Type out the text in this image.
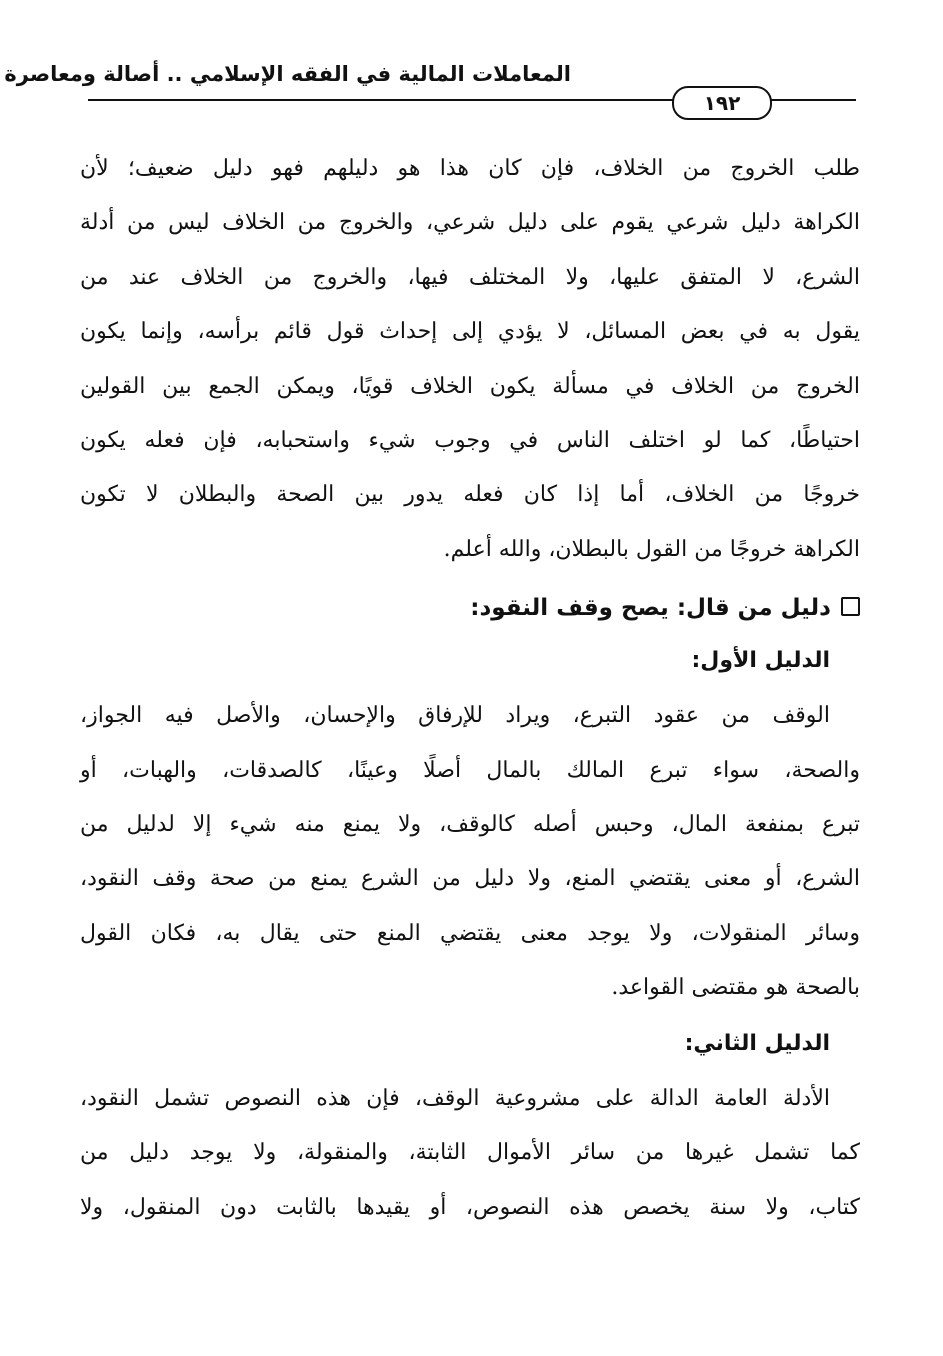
المعاملات المالية في الفقه الإسلامي .. أصالة ومعاصرة
١٩٢
طلب الخروج من الخلاف، فإن كان هذا هو دليلهم فهو دليل ضعيف؛ لأن
الكراهة دليل شرعي يقوم على دليل شرعي، والخروج من الخلاف ليس من أدلة
الشرع، لا المتفق عليها، ولا المختلف فيها، والخروج من الخلاف عند من
يقول به في بعض المسائل، لا يؤدي إلى إحداث قول قائم برأسه، وإنما يكون
الخروج من الخلاف في مسألة يكون الخلاف قويًا، ويمكن الجمع بين القولين
احتياطًا، كما لو اختلف الناس في وجوب شيء واستحبابه، فإن فعله يكون
خروجًا من الخلاف، أما إذا كان فعله يدور بين الصحة والبطلان لا تكون
الكراهة خروجًا من القول بالبطلان، والله أعلم.
دليل من قال: يصح وقف النقود:
الدليل الأول:
الوقف من عقود التبرع، ويراد للإرفاق والإحسان، والأصل فيه الجواز،
والصحة، سواء تبرع المالك بالمال أصلًا وعينًا، كالصدقات، والهبات، أو
تبرع بمنفعة المال، وحبس أصله كالوقف، ولا يمنع منه شيء إلا لدليل من
الشرع، أو معنى يقتضي المنع، ولا دليل من الشرع يمنع من صحة وقف النقود،
وسائر المنقولات، ولا يوجد معنى يقتضي المنع حتى يقال به، فكان القول
بالصحة هو مقتضى القواعد.
الدليل الثاني:
الأدلة العامة الدالة على مشروعية الوقف، فإن هذه النصوص تشمل النقود،
كما تشمل غيرها من سائر الأموال الثابتة، والمنقولة، ولا يوجد دليل من
كتاب، ولا سنة يخصص هذه النصوص، أو يقيدها بالثابت دون المنقول، ولا
